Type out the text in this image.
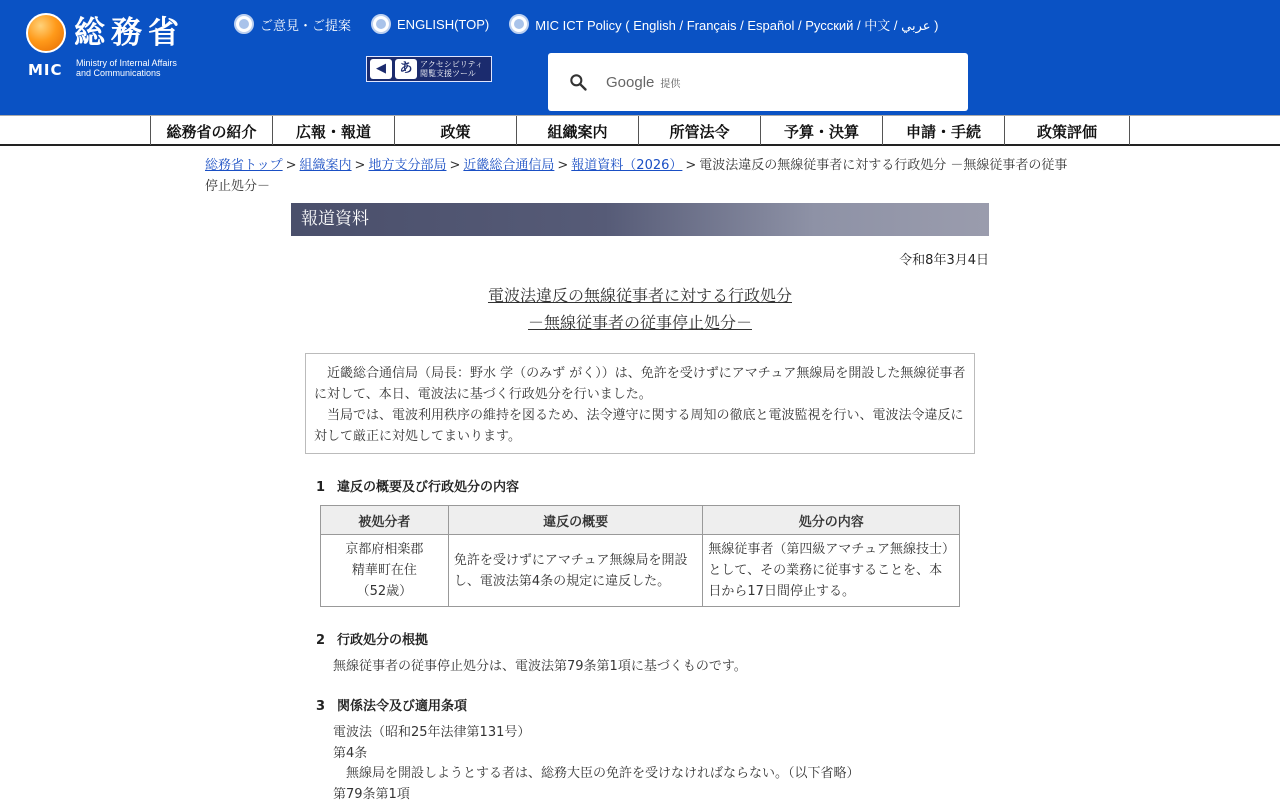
総務省
MIC Ministry of Internal Affairs
and Communications
ご意見・ご提案	ENGLISH(TOP)	MIC ICT Policy ( English / Français / Español / Русский / 中文 / عربي )
◀	あ アクセシビリティ
閲覧支援ツール	Google 提供
総務省の紹介	広報・報道	政策	組織案内	所管法令	予算・決算	申請・手続	政策評価
総務省トップ > 組織案内 > 地方支分部局 > 近畿総合通信局 > 報道資料（2026） > 電波法違反の無線従事者に対する行政処分 －無線従事者の従事停止処分－
報道資料
令和8年3月4日
電波法違反の無線従事者に対する行政処分
－無線従事者の従事停止処分－

　近畿総合通信局（局長：野水 学（のみず がく））は、免許を受けずにアマチュア無線局を開設した無線従事者に対して、本日、電波法に基づく行政処分を行いました。

　当局では、電波利用秩序の維持を図るため、法令遵守に関する周知の徹底と電波監視を行い、電波法令違反に対して厳正に対処してまいります。

1 違反の概要及び行政処分の内容
被処分者	違反の概要	処分の内容
京都府相楽郡
精華町在住
（52歳）	免許を受けずにアマチュア無線局を開設し、電波法第4条の規定に違反した。	無線従事者（第四級アマチュア無線技士）として、その業務に従事することを、本日から17日間停止する。
2 行政処分の根拠
無線従事者の従事停止処分は、電波法第79条第1項に基づくものです。
3 関係法令及び適用条項
電波法（昭和25年法律第131号）
第4条
　無線局を開設しようとする者は、総務大臣の免許を受けなければならない。（以下省略）
第79条第1項
